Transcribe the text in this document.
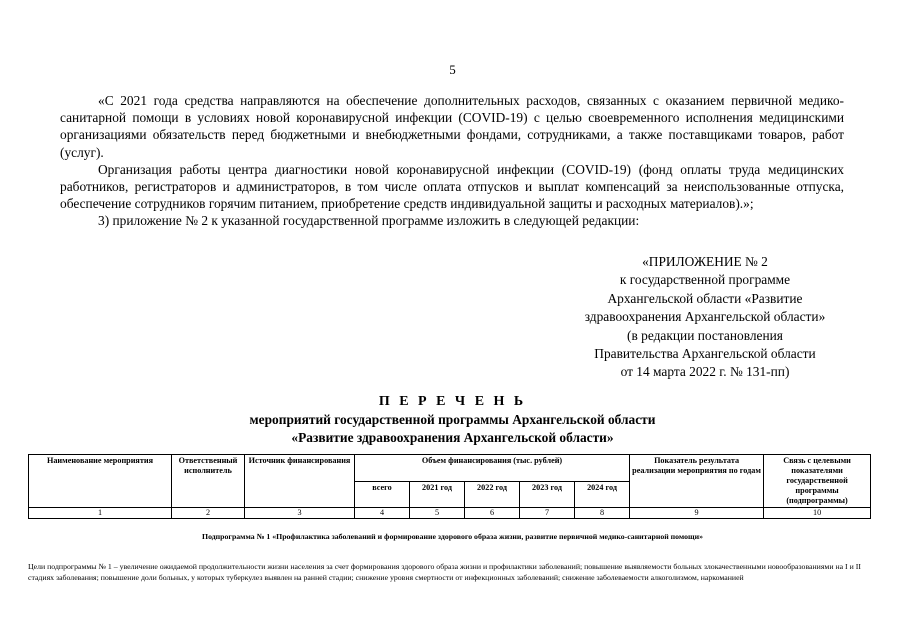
5

«С 2021 года средства направляются на обеспечение дополнительных расходов, связанных с оказанием первичной медико-санитарной помощи в условиях новой коронавирусной инфекции (COVID-19) с целью своевременного исполнения медицинскими организациями обязательств перед бюджетными и внебюджетными фондами, сотрудниками, а также поставщиками товаров, работ (услуг).

Организация работы центра диагностики новой коронавирусной инфекции (COVID-19) (фонд оплаты труда медицинских работников, регистраторов и администраторов, в том числе оплата отпусков и выплат компенсаций за неиспользованные отпуска, обеспечение сотрудников горячим питанием, приобретение средств индивидуальной защиты и расходных материалов).»;

3) приложение № 2 к указанной государственной программе изложить в следующей редакции:

«ПРИЛОЖЕНИЕ № 2
к государственной программе
Архангельской области «Развитие
здравоохранения Архангельской области»
(в редакции постановления
Правительства Архангельской области
от 14 марта 2022 г. № 131-пп)
П Е Р Е Ч Е Н Ь
мероприятий государственной программы Архангельской области
«Развитие здравоохранения Архангельской области»
Наименование мероприятия	Ответственный исполнитель	Источник финансирования	Объем финансирования (тыс. рублей)					Показатель результата реализации мероприятия по годам	Связь с целевыми показателями государственной программы (подпрограммы)
			всего	2021 год	2022 год	2023 год	2024 год		
1	2	3	4	5	6	7	8	9	10
Подпрограмма № 1 «Профилактика заболеваний и формирование здорового образа жизни, развитие первичной медико-санитарной помощи»
Цели подпрограммы № 1 – увеличение ожидаемой продолжительности жизни населения за счет формирования здорового образа жизни и профилактики заболеваний; повышение выявляемости больных злокачественными новообразованиями на I и II стадиях заболевания; повышение доли больных, у которых туберкулез выявлен на ранней стадии; снижение уровня смертности от инфекционных заболеваний; снижение заболеваемости алкоголизмом, наркоманией
